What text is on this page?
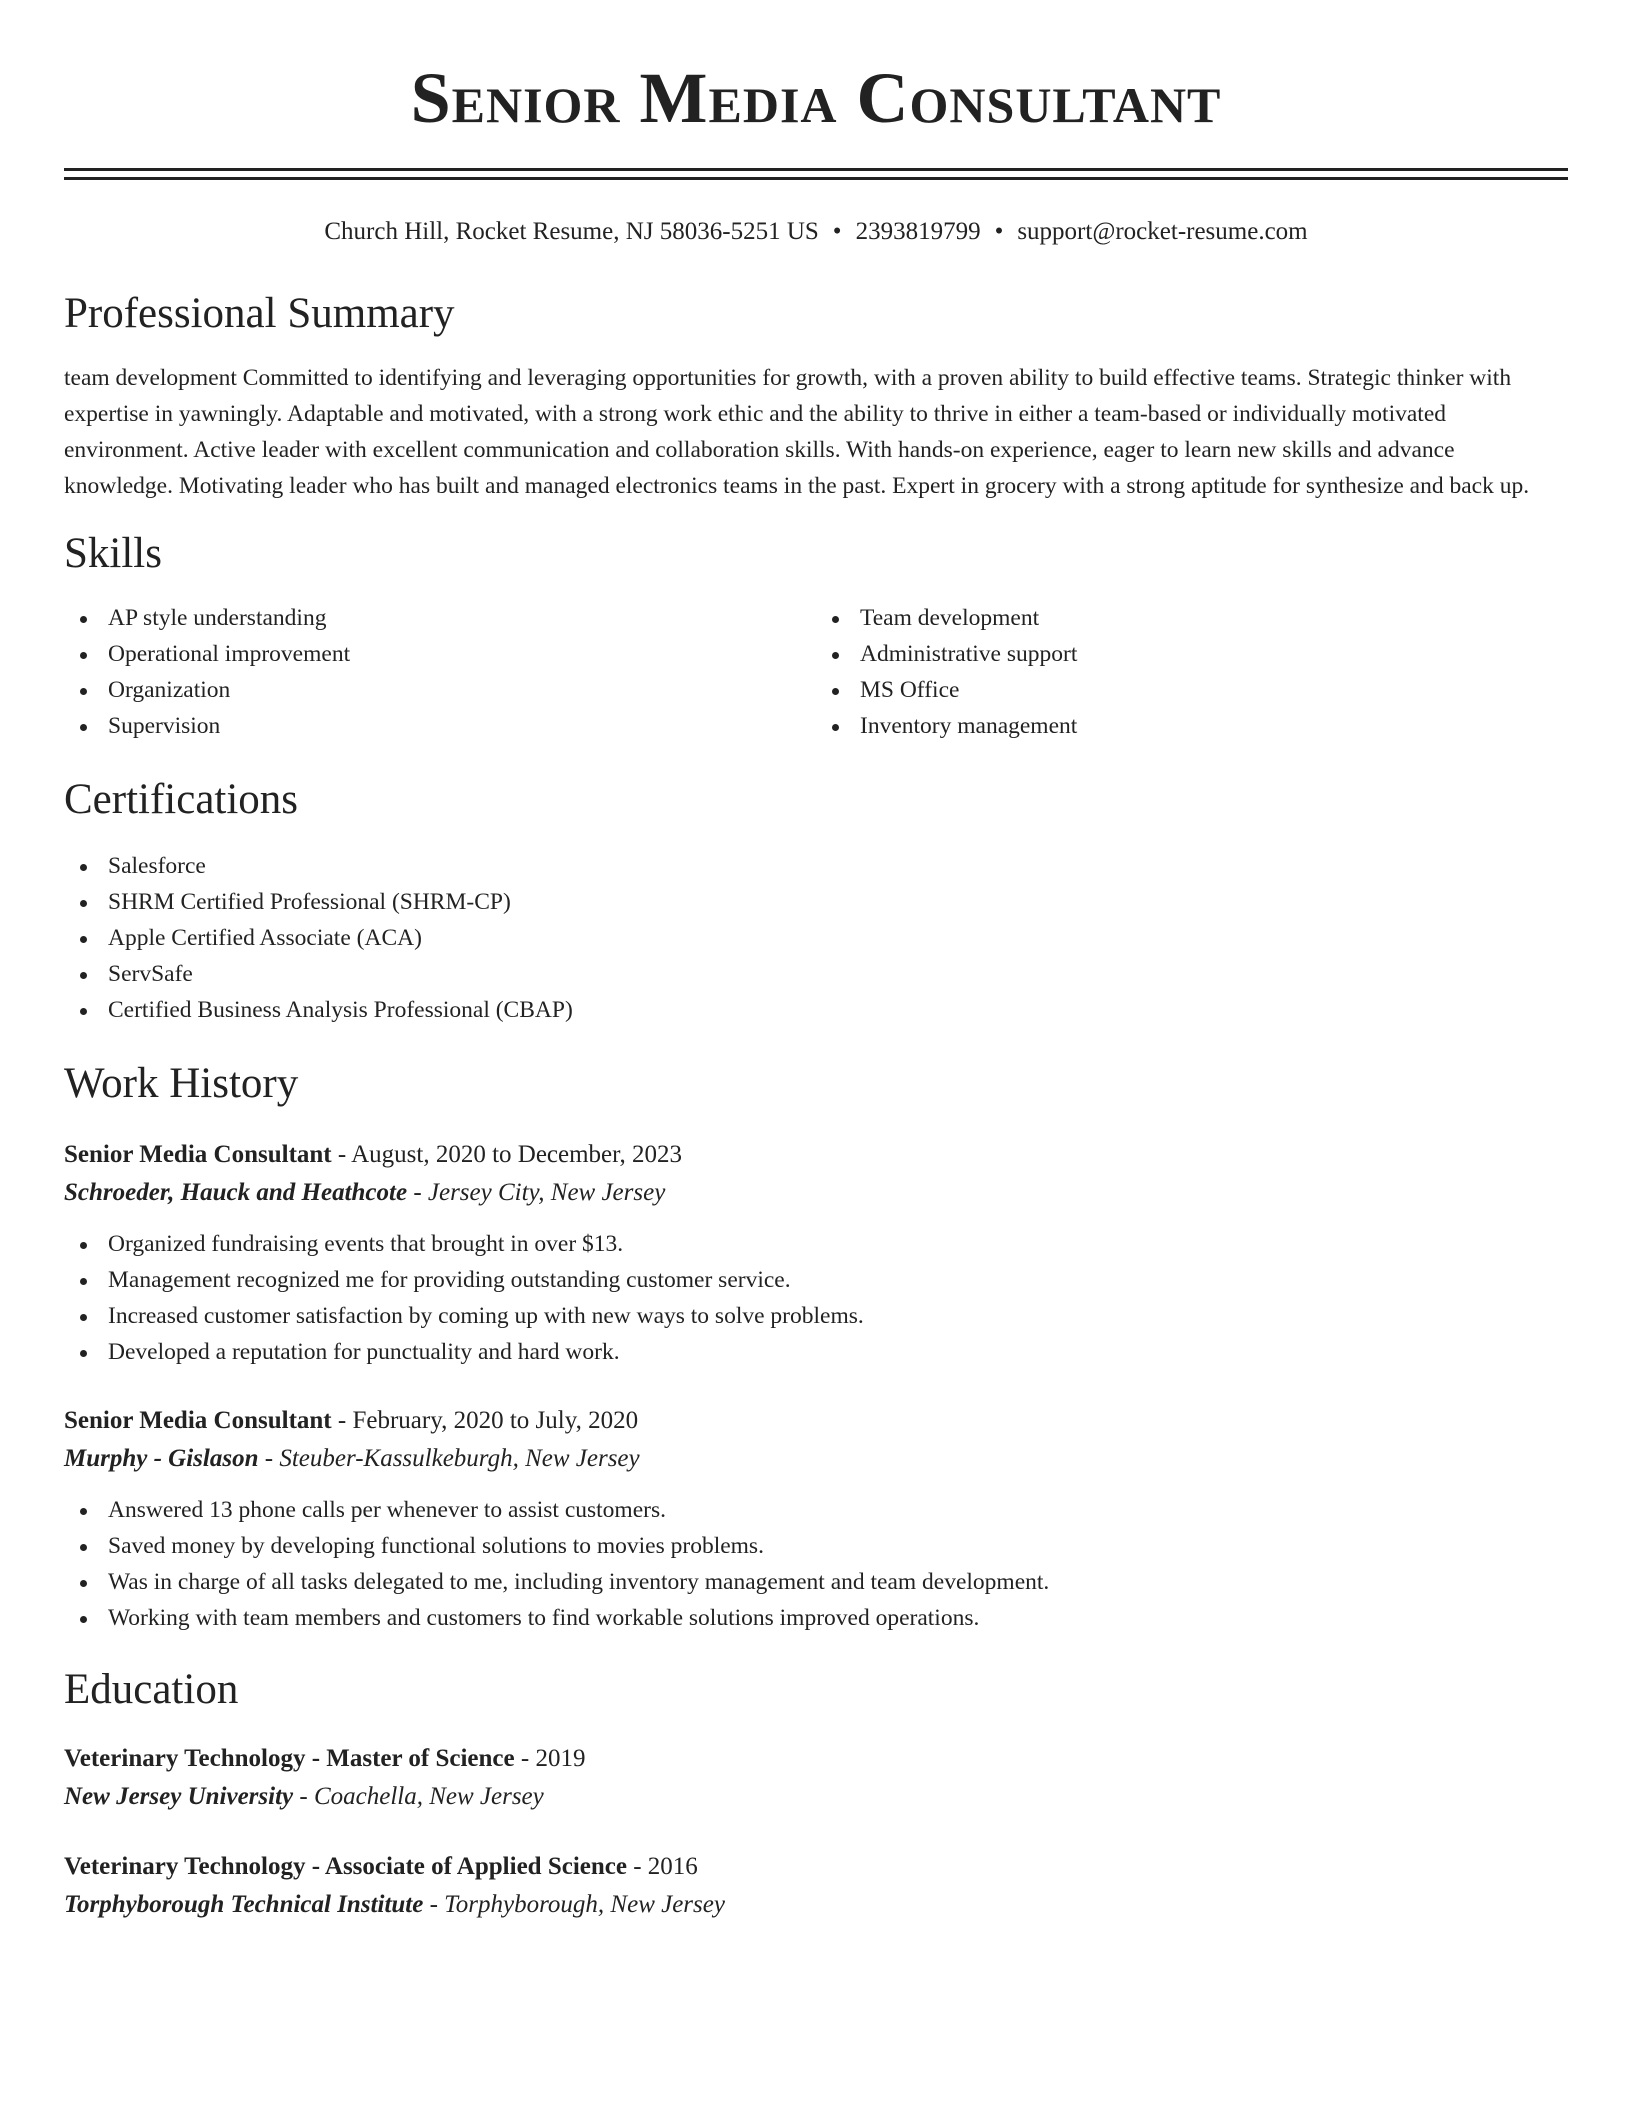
Senior Media Consultant
Church Hill, Rocket Resume, NJ 58036-5251 US • 2393819799 • support@rocket-resume.com
Professional Summary

team development Committed to identifying and leveraging opportunities for growth, with a proven ability to build effective teams. Strategic thinker with expertise in yawningly. Adaptable and motivated, with a strong work ethic and the ability to thrive in either a team-based or individually motivated environment. Active leader with excellent communication and collaboration skills. With hands-on experience, eager to learn new skills and advance knowledge. Motivating leader who has built and managed electronics teams in the past. Expert in grocery with a strong aptitude for synthesize and back up.

Skills
AP style understanding
Operational improvement
Organization
Supervision
Team development
Administrative support
MS Office
Inventory management
Certifications
Salesforce
SHRM Certified Professional (SHRM-CP)
Apple Certified Associate (ACA)
ServSafe
Certified Business Analysis Professional (CBAP)
Work History
Senior Media Consultant - August, 2020 to December, 2023
Schroeder, Hauck and Heathcote - Jersey City, New Jersey
Organized fundraising events that brought in over $13.
Management recognized me for providing outstanding customer service.
Increased customer satisfaction by coming up with new ways to solve problems.
Developed a reputation for punctuality and hard work.
Senior Media Consultant - February, 2020 to July, 2020
Murphy - Gislason - Steuber-Kassulkeburgh, New Jersey
Answered 13 phone calls per whenever to assist customers.
Saved money by developing functional solutions to movies problems.
Was in charge of all tasks delegated to me, including inventory management and team development.
Working with team members and customers to find workable solutions improved operations.
Education
Veterinary Technology - Master of Science - 2019
New Jersey University - Coachella, New Jersey
Veterinary Technology - Associate of Applied Science - 2016
Torphyborough Technical Institute - Torphyborough, New Jersey
